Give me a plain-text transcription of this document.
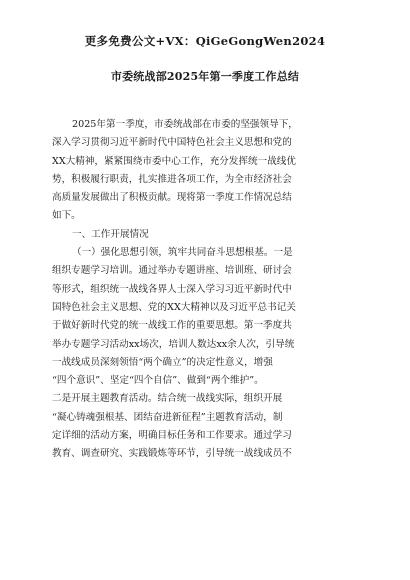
更多免费公文+VX：QiGeGongWen2024
市委统战部2025年第一季度工作总结
2025年第一季度，市委统战部在市委的坚强领导下，
深入学习贯彻习近平新时代中国特色社会主义思想和党的
XX大精神，紧紧围绕市委中心工作，充分发挥统一战线优
势，积极履行职责，扎实推进各项工作，为全市经济社会
高质量发展做出了积极贡献。现将第一季度工作情况总结
如下。
一、工作开展情况
（一）强化思想引领，筑牢共同奋斗思想根基。一是
组织专题学习培训。通过举办专题讲座、培训班、研讨会
等形式，组织统一战线各界人士深入学习习近平新时代中
国特色社会主义思想、党的XX大精神以及习近平总书记关
于做好新时代党的统一战线工作的重要思想。第一季度共
举办专题学习活动xx场次，培训人数达xx余人次，引导统
一战线成员深刻领悟“两个确立”的决定性意义，增强
“四个意识”、坚定“四个自信”、做到“两个维护”。
二是开展主题教育活动。结合统一战线实际，组织开展
“凝心铸魂强根基、团结奋进新征程”主题教育活动，制
定详细的活动方案，明确目标任务和工作要求。通过学习
教育、调查研究、实践锻炼等环节，引导统一战线成员不
